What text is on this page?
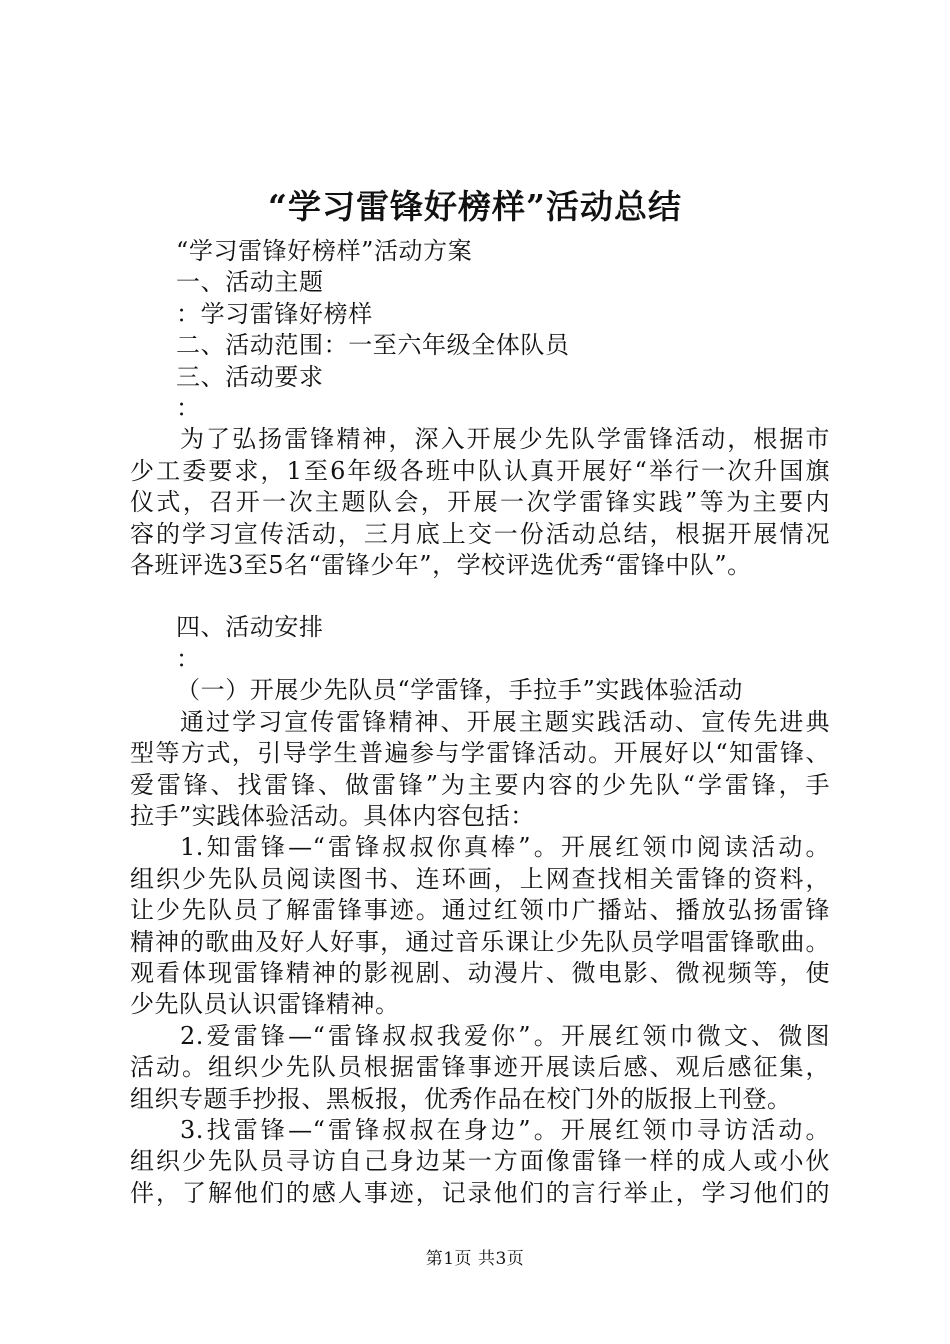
“学习雷锋好榜样”活动总结
“学习雷锋好榜样”活动方案
一、活动主题
：学习雷锋好榜样
二、活动范围：一至六年级全体队员
三、活动要求
：
为了弘扬雷锋精神，深入开展少先队学雷锋活动，根据市
少工委要求，1至6年级各班中队认真开展好“举行一次升国旗
仪式，召开一次主题队会，开展一次学雷锋实践”等为主要内
容的学习宣传活动，三月底上交一份活动总结，根据开展情况
各班评选3至5名“雷锋少年”，学校评选优秀“雷锋中队”。
四、活动安排
：
（一）开展少先队员“学雷锋，手拉手”实践体验活动
通过学习宣传雷锋精神、开展主题实践活动、宣传先进典
型等方式，引导学生普遍参与学雷锋活动。开展好以“知雷锋、
爱雷锋、找雷锋、做雷锋”为主要内容的少先队“学雷锋，手
拉手”实践体验活动。具体内容包括：
1.知雷锋—“雷锋叔叔你真棒”。开展红领巾阅读活动。
组织少先队员阅读图书、连环画，上网查找相关雷锋的资料，
让少先队员了解雷锋事迹。通过红领巾广播站、播放弘扬雷锋
精神的歌曲及好人好事，通过音乐课让少先队员学唱雷锋歌曲。
观看体现雷锋精神的影视剧、动漫片、微电影、微视频等，使
少先队员认识雷锋精神。
2.爱雷锋—“雷锋叔叔我爱你”。开展红领巾微文、微图
活动。组织少先队员根据雷锋事迹开展读后感、观后感征集，
组织专题手抄报、黑板报，优秀作品在校门外的版报上刊登。
3.找雷锋—“雷锋叔叔在身边”。开展红领巾寻访活动。
组织少先队员寻访自己身边某一方面像雷锋一样的成人或小伙
伴，了解他们的感人事迹，记录他们的言行举止，学习他们的
第1页 共3页
